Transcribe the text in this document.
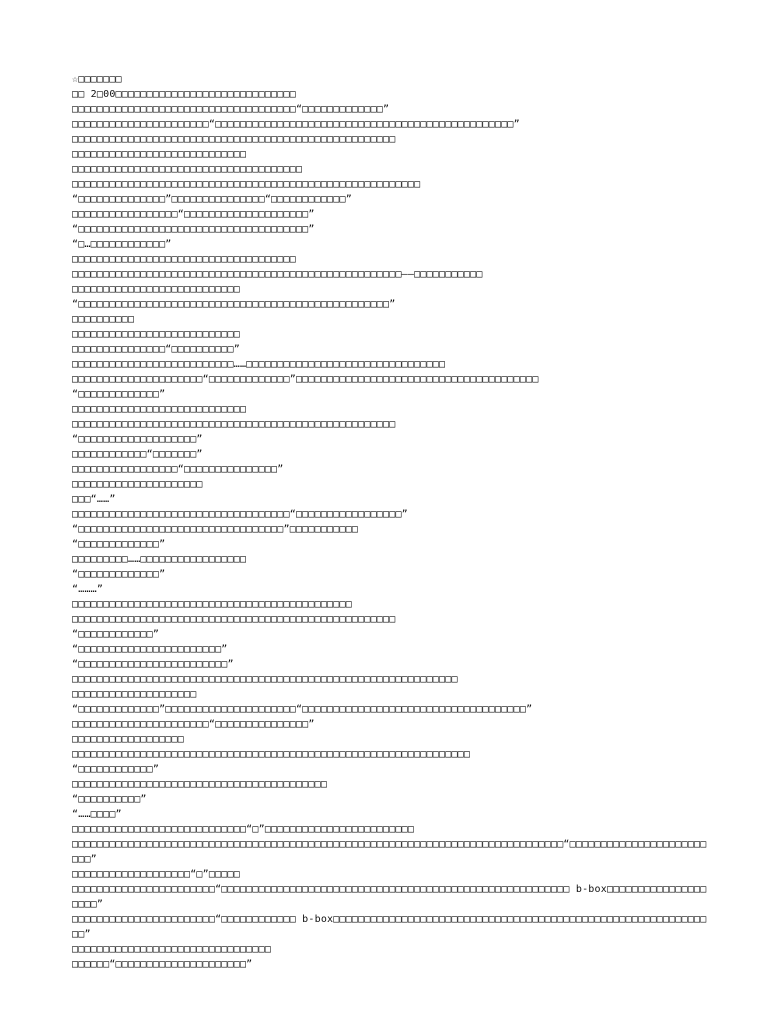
☆□□□□□□□
□□ 2□00□□□□□□□□□□□□□□□□□□□□□□□□□□□□□
□□□□□□□□□□□□□□□□□□□□□□□□□□□□□□□□□□□□“□□□□□□□□□□□□□”
□□□□□□□□□□□□□□□□□□□□□□“□□□□□□□□□□□□□□□□□□□□□□□□□□□□□□□□□□□□□□□□□□□□□□□□”
□□□□□□□□□□□□□□□□□□□□□□□□□□□□□□□□□□□□□□□□□□□□□□□□□□□□
□□□□□□□□□□□□□□□□□□□□□□□□□□□□
□□□□□□□□□□□□□□□□□□□□□□□□□□□□□□□□□□□□□
□□□□□□□□□□□□□□□□□□□□□□□□□□□□□□□□□□□□□□□□□□□□□□□□□□□□□□□□
“□□□□□□□□□□□□□□”□□□□□□□□□□□□□□□“□□□□□□□□□□□□”
□□□□□□□□□□□□□□□□□“□□□□□□□□□□□□□□□□□□□□”
“□□□□□□□□□□□□□□□□□□□□□□□□□□□□□□□□□□□□□”
“□…□□□□□□□□□□□□”
□□□□□□□□□□□□□□□□□□□□□□□□□□□□□□□□□□□□
□□□□□□□□□□□□□□□□□□□□□□□□□□□□□□□□□□□□□□□□□□□□□□□□□□□□□——□□□□□□□□□□□
□□□□□□□□□□□□□□□□□□□□□□□□□□□
“□□□□□□□□□□□□□□□□□□□□□□□□□□□□□□□□□□□□□□□□□□□□□□□□□□”
□□□□□□□□□□
□□□□□□□□□□□□□□□□□□□□□□□□□□□
□□□□□□□□□□□□□□□“□□□□□□□□□□”
□□□□□□□□□□□□□□□□□□□□□□□□□□……□□□□□□□□□□□□□□□□□□□□□□□□□□□□□□□□
□□□□□□□□□□□□□□□□□□□□□“□□□□□□□□□□□□□”□□□□□□□□□□□□□□□□□□□□□□□□□□□□□□□□□□□□□□□
“□□□□□□□□□□□□□”
□□□□□□□□□□□□□□□□□□□□□□□□□□□□
□□□□□□□□□□□□□□□□□□□□□□□□□□□□□□□□□□□□□□□□□□□□□□□□□□□□
“□□□□□□□□□□□□□□□□□□□”
□□□□□□□□□□□□“□□□□□□□”
□□□□□□□□□□□□□□□□□“□□□□□□□□□□□□□□□”
□□□□□□□□□□□□□□□□□□□□□
□□□“……”
□□□□□□□□□□□□□□□□□□□□□□□□□□□□□□□□□□□“□□□□□□□□□□□□□□□□□”
“□□□□□□□□□□□□□□□□□□□□□□□□□□□□□□□□□”□□□□□□□□□□□
“□□□□□□□□□□□□□”
□□□□□□□□□……□□□□□□□□□□□□□□□□□
“□□□□□□□□□□□□□”
“………”
□□□□□□□□□□□□□□□□□□□□□□□□□□□□□□□□□□□□□□□□□□□□□
□□□□□□□□□□□□□□□□□□□□□□□□□□□□□□□□□□□□□□□□□□□□□□□□□□□□
“□□□□□□□□□□□□”
“□□□□□□□□□□□□□□□□□□□□□□□”
“□□□□□□□□□□□□□□□□□□□□□□□□”
□□□□□□□□□□□□□□□□□□□□□□□□□□□□□□□□□□□□□□□□□□□□□□□□□□□□□□□□□□□□□□
□□□□□□□□□□□□□□□□□□□□
“□□□□□□□□□□□□□”□□□□□□□□□□□□□□□□□□□□□“□□□□□□□□□□□□□□□□□□□□□□□□□□□□□□□□□□□□”
□□□□□□□□□□□□□□□□□□□□□□“□□□□□□□□□□□□□□□”
□□□□□□□□□□□□□□□□□□
□□□□□□□□□□□□□□□□□□□□□□□□□□□□□□□□□□□□□□□□□□□□□□□□□□□□□□□□□□□□□□□□
“□□□□□□□□□□□□”
□□□□□□□□□□□□□□□□□□□□□□□□□□□□□□□□□□□□□□□□□
“□□□□□□□□□□”
“……□□□□”
□□□□□□□□□□□□□□□□□□□□□□□□□□□□“□”□□□□□□□□□□□□□□□□□□□□□□□□
□□□□□□□□□□□□□□□□□□□□□□□□□□□□□□□□□□□□□□□□□□□□□□□□□□□□□□□□□□□□□□□□□□□□□□□□□□□□□□□“□□□□□□□□□□□□□□□□□□□□□□□□□”
□□□□□□□□□□□□□□□□□□□“□”□□□□□
□□□□□□□□□□□□□□□□□□□□□□□“□□□□□□□□□□□□□□□□□□□□□□□□□□□□□□□□□□□□□□□□□□□□□□□□□□□□□□□□ b-box□□□□□□□□□□□□□□□□□□□□”
□□□□□□□□□□□□□□□□□□□□□□□“□□□□□□□□□□□□ b-box□□□□□□□□□□□□□□□□□□□□□□□□□□□□□□□□□□□□□□□□□□□□□□□□□□□□□□□□□□□□□□”
□□□□□□□□□□□□□□□□□□□□□□□□□□□□□□□□
□□□□□□“□□□□□□□□□□□□□□□□□□□□□”
